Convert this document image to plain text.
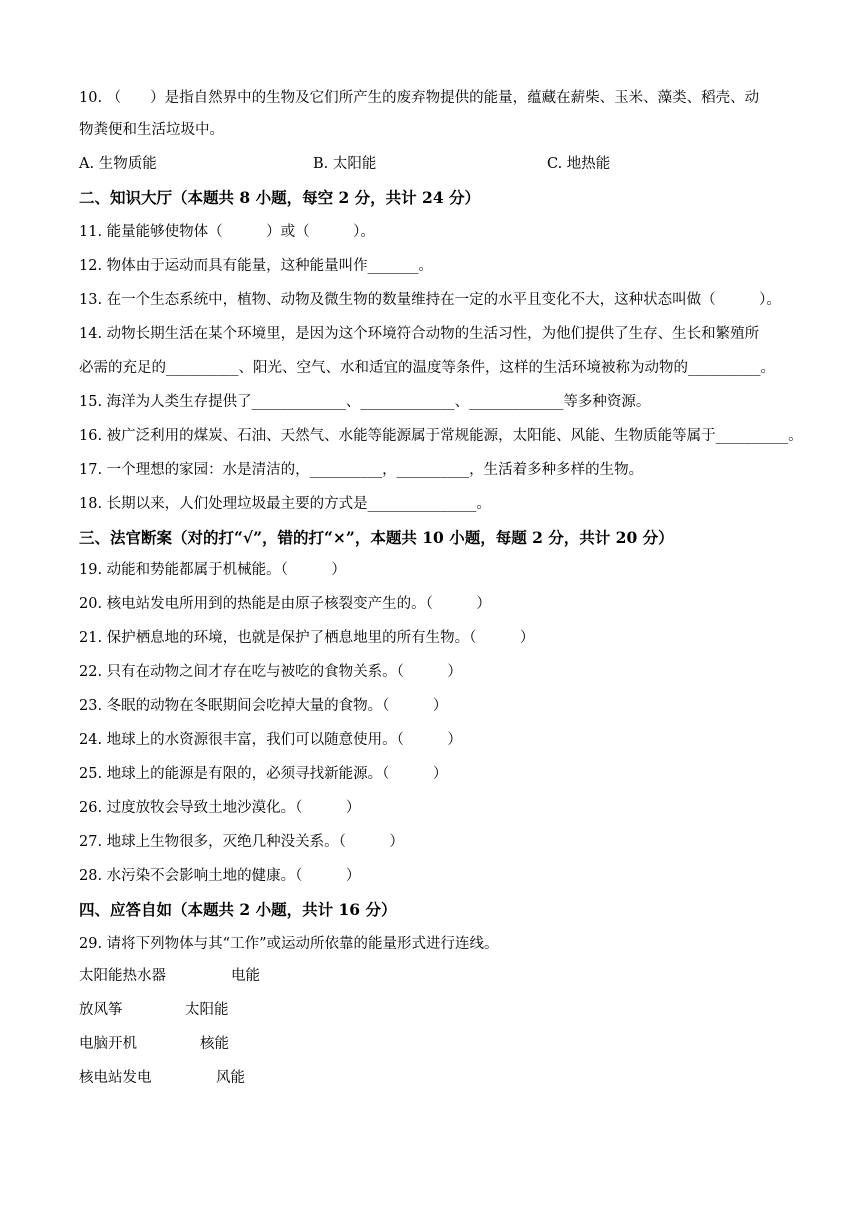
10. （　　）是指自然界中的生物及它们所产生的废弃物提供的能量，蕴藏在薪柴、玉米、藻类、稻壳、动
物粪便和生活垃圾中。
A. 生物质能	B. 太阳能	C. 地热能
二、知识大厅（本题共 8 小题，每空 2 分，共计 24 分）
11. 能量能够使物体（　　　）或（　　　）。
12. 物体由于运动而具有能量，这种能量叫作_______。
13. 在一个生态系统中，植物、动物及微生物的数量维持在一定的水平且变化不大，这种状态叫做（　　　）。
14. 动物长期生活在某个环境里，是因为这个环境符合动物的生活习性，为他们提供了生存、生长和繁殖所
必需的充足的__________、阳光、空气、水和适宜的温度等条件，这样的生活环境被称为动物的__________。
15. 海洋为人类生存提供了_____________、_____________、_____________等多种资源。
16. 被广泛利用的煤炭、石油、天然气、水能等能源属于常规能源，太阳能、风能、生物质能等属于__________。
17. 一个理想的家园：水是清洁的，__________，__________，生活着多种多样的生物。
18. 长期以来，人们处理垃圾最主要的方式是_______________。
三、法官断案（对的打“√”，错的打“×”，本题共 10 小题，每题 2 分，共计 20 分）
19. 动能和势能都属于机械能。（　　　）
20. 核电站发电所用到的热能是由原子核裂变产生的。（　　　）
21. 保护栖息地的环境，也就是保护了栖息地里的所有生物。（　　　）
22. 只有在动物之间才存在吃与被吃的食物关系。（　　　）
23. 冬眠的动物在冬眠期间会吃掉大量的食物。（　　　）
24. 地球上的水资源很丰富，我们可以随意使用。（　　　）
25. 地球上的能源是有限的，必须寻找新能源。（　　　）
26. 过度放牧会导致土地沙漠化。（　　　）
27. 地球上生物很多，灭绝几种没关系。（　　　）
28. 水污染不会影响土地的健康。（　　　）
四、应答自如（本题共 2 小题，共计 16 分）
29. 请将下列物体与其“工作”或运动所依靠的能量形式进行连线。
太阳能热水器	电能
放风筝	太阳能
电脑开机	核能
核电站发电	风能
